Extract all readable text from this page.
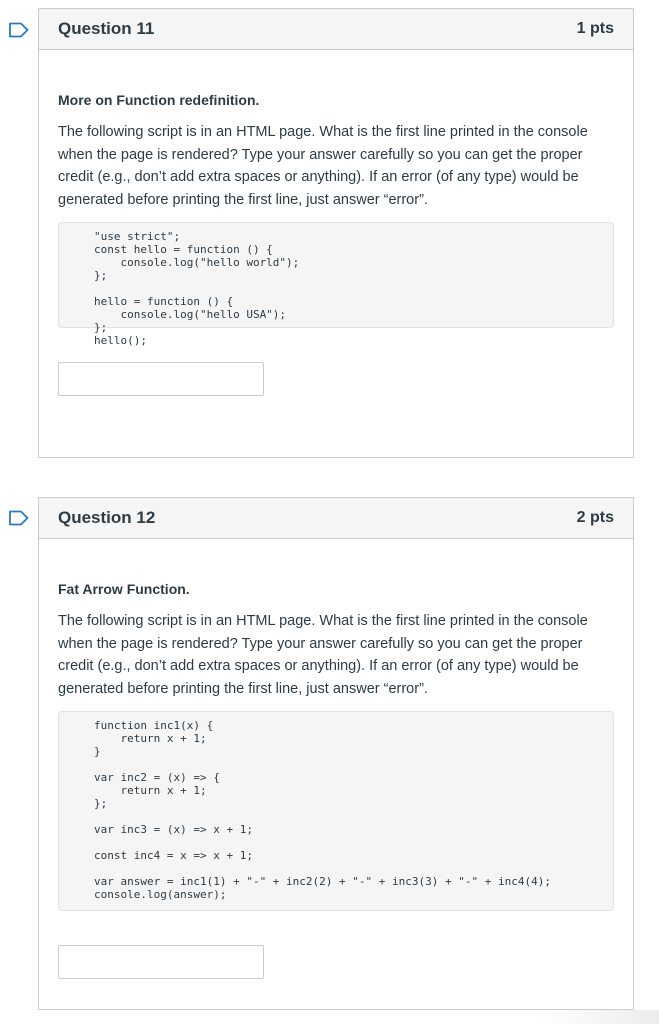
Question 11	1 pts

More on Function redefinition.

The following script is in an HTML page. What is the first line printed in the console when the page is rendered? Type your answer carefully so you can get the proper credit (e.g., don’t add extra spaces or anything). If an error (of any type) would be generated before printing the first line, just answer “error”.

"use strict";
const hello = function () {
console.log("hello world");
};

hello = function () {
console.log("hello USA");
};
hello();
Question 12	2 pts

Fat Arrow Function.

The following script is in an HTML page. What is the first line printed in the console when the page is rendered? Type your answer carefully so you can get the proper credit (e.g., don’t add extra spaces or anything). If an error (of any type) would be generated before printing the first line, just answer “error”.

function inc1(x) {
return x + 1;
}

var inc2 = (x) => {
return x + 1;
};

var inc3 = (x) => x + 1;

const inc4 = x => x + 1;

var answer = inc1(1) + "-" + inc2(2) + "-" + inc3(3) + "-" + inc4(4);
console.log(answer);
